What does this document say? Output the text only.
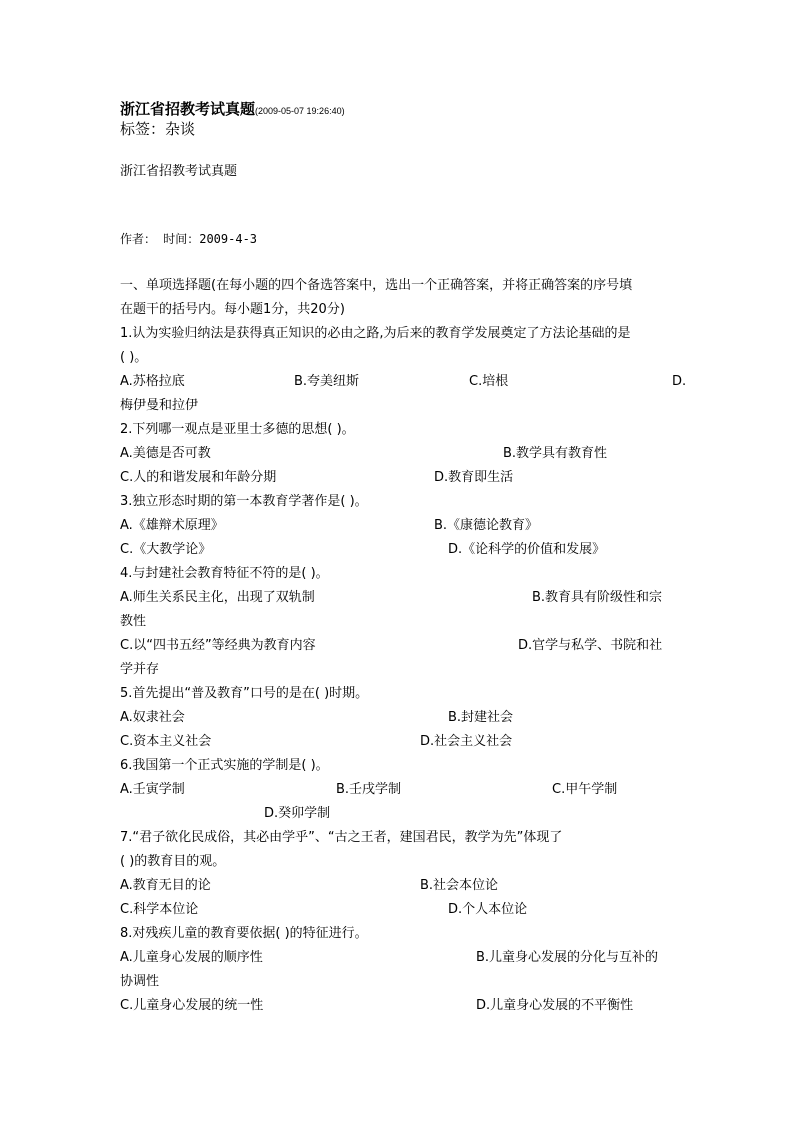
浙江省招教考试真题(2009-05-07 19:26:40)
标签：杂谈
浙江省招教考试真题
作者： 时间：2009-4-3
一、单项选择题(在每小题的四个备选答案中，选出一个正确答案，并将正确答案的序号填
在题干的括号内。每小题1分，共20分)
1.认为实验归纳法是获得真正知识的必由之路,为后来的教育学发展奠定了方法论基础的是
( )。
A.苏格拉底	B.夸美纽斯	C.培根	D.
梅伊曼和拉伊
2.下列哪一观点是亚里士多德的思想( )。
A.美德是否可教	B.教学具有教育性
C.人的和谐发展和年龄分期	D.教育即生活
3.独立形态时期的第一本教育学著作是( )。
A.《雄辩术原理》	B.《康德论教育》
C.《大教学论》	D.《论科学的价值和发展》
4.与封建社会教育特征不符的是( )。
A.师生关系民主化，出现了双轨制	B.教育具有阶级性和宗
教性
C.以“四书五经”等经典为教育内容	D.官学与私学、书院和社
学并存
5.首先提出“普及教育”口号的是在( )时期。
A.奴隶社会	B.封建社会
C.资本主义社会	D.社会主义社会
6.我国第一个正式实施的学制是( )。
A.壬寅学制	B.壬戌学制	C.甲午学制
D.癸卯学制
7.“君子欲化民成俗，其必由学乎”、“古之王者，建国君民，教学为先”体现了
( )的教育目的观。
A.教育无目的论	B.社会本位论
C.科学本位论	D.个人本位论
8.对残疾儿童的教育要依据( )的特征进行。
A.儿童身心发展的顺序性	B.儿童身心发展的分化与互补的
协调性
C.儿童身心发展的统一性	D.儿童身心发展的不平衡性
